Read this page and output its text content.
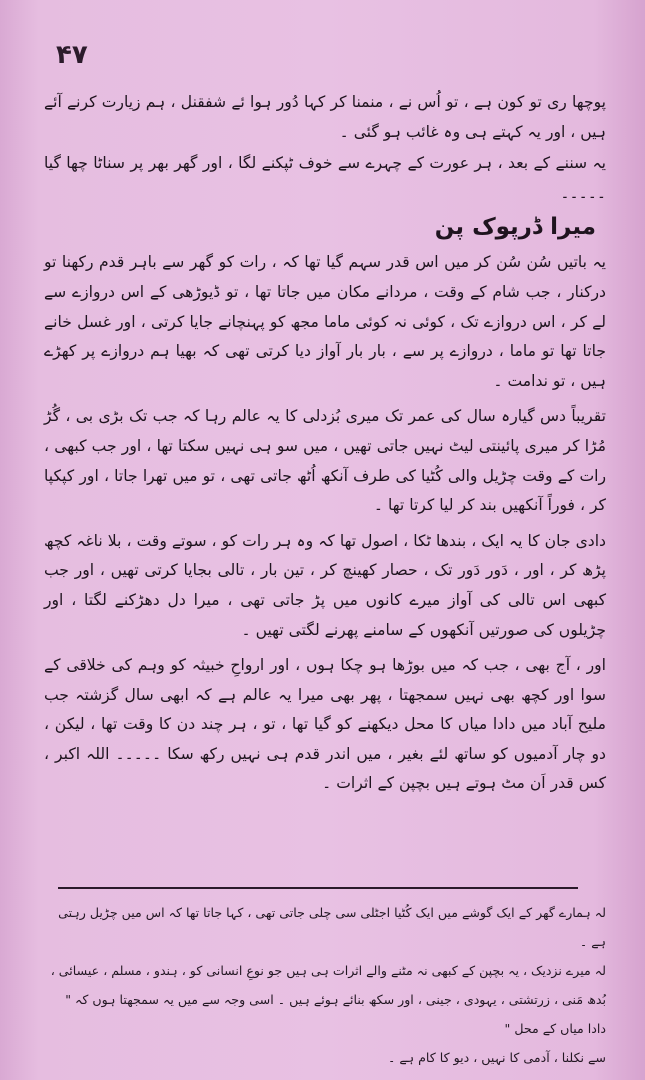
۴۷

پوچھا ری تو کون ہے ، تو اُس نے ، منمنا کر کہا دُور ہوا ئے شفقنل ، ہم زیارت کرنے آئے ہیں ، اور یہ کہتے ہی وہ غائب ہو گئی ۔

یہ سننے کے بعد ، ہر عورت کے چہرے سے خوف ٹپکنے لگا ، اور گھر بھر پر سناٹا چھا گیا ۔۔۔۔۔

میرا ڈرپوک پن

یہ باتیں سُن سُن کر میں اس قدر سہم گیا تھا کہ ، رات کو گھر سے باہر قدم رکھنا تو درکنار ، جب شام کے وقت ، مردانے مکان میں جاتا تھا ، تو ڈیوڑھی کے اس دروازے سے لے کر ، اس دروازے تک ، کوئی نہ کوئی ماما مجھ کو پہنچانے جایا کرتی ، اور غسل خانے جاتا تھا تو ماما ، دروازے پر سے ، بار بار آواز دیا کرتی تھی کہ بھیا ہم دروازے پر کھڑے ہیں ، تو ندامت ۔

تقریباً دس گیارہ سال کی عمر تک میری بُزدلی کا یہ عالم رہا کہ جب تک بڑی بی ، گُڑ مُڑا کر میری پائینتی لیٹ نہیں جاتی تھیں ، میں سو ہی نہیں سکتا تھا ، اور جب کبھی ، رات کے وقت چڑیل والی کُٹیا کی طرف آنکھ اُٹھ جاتی تھی ، تو میں تھرا جاتا ، اور کپکپا کر ، فوراً آنکھیں بند کر لیا کرتا تھا ۔

دادی جان کا یہ ایک ، بندھا ٹکا ، اصول تھا کہ وہ ہر رات کو ، سوتے وقت ، بلا ناغہ کچھ پڑھ کر ، اور ، دَور دَور تک ، حصار کھینچ کر ، تین بار ، تالی بجایا کرتی تھیں ، اور جب کبھی اس تالی کی آواز میرے کانوں میں پڑ جاتی تھی ، میرا دل دھڑکنے لگتا ، اور چڑیلوں کی صورتیں آنکھوں کے سامنے پھرنے لگتی تھیں ۔

اور ، آج بھی ، جب کہ میں بوڑھا ہو چکا ہوں ، اور ارواحِ خبیثہ کو وہم کی خلاقی کے سوا اور کچھ بھی نہیں سمجھتا ، پھر بھی میرا یہ عالم ہے کہ ابھی سال گزشتہ جب ملیح آباد میں دادا میاں کا محل دیکھنے کو گیا تھا ، تو ، ہر چند دن کا وقت تھا ، لیکن ، دو چار آدمیوں کو ساتھ لئے بغیر ، میں اندر قدم ہی نہیں رکھ سکا ۔۔۔۔۔ اللہ اکبر ، کس قدر اَن مٹ ہوتے ہیں بچپن کے اثرات ۔

لہ ہمارے گھر کے ایک گوشے میں ایک کُٹیا اجٹلی سی چلی جاتی تھی ، کہا جاتا تھا کہ اس میں چڑیل رہتی ہے ۔

لہ میرے نزدیک ، یہ بچپن کے کبھی نہ مٹنے والے اثرات ہی ہیں جو نوعِ انسانی کو ، ہندو ، مسلم ، عیسائی ، بُدھ مَنی ، زرتشتی ، یہودی ، جینی ، اور سکھ بنائے ہوئے ہیں ۔ اسی وجہ سے میں یہ سمجھتا ہوں کہ " دادا میاں کے محل "

سے نکلنا ، آدمی کا نہیں ، دیو کا کام ہے ۔
